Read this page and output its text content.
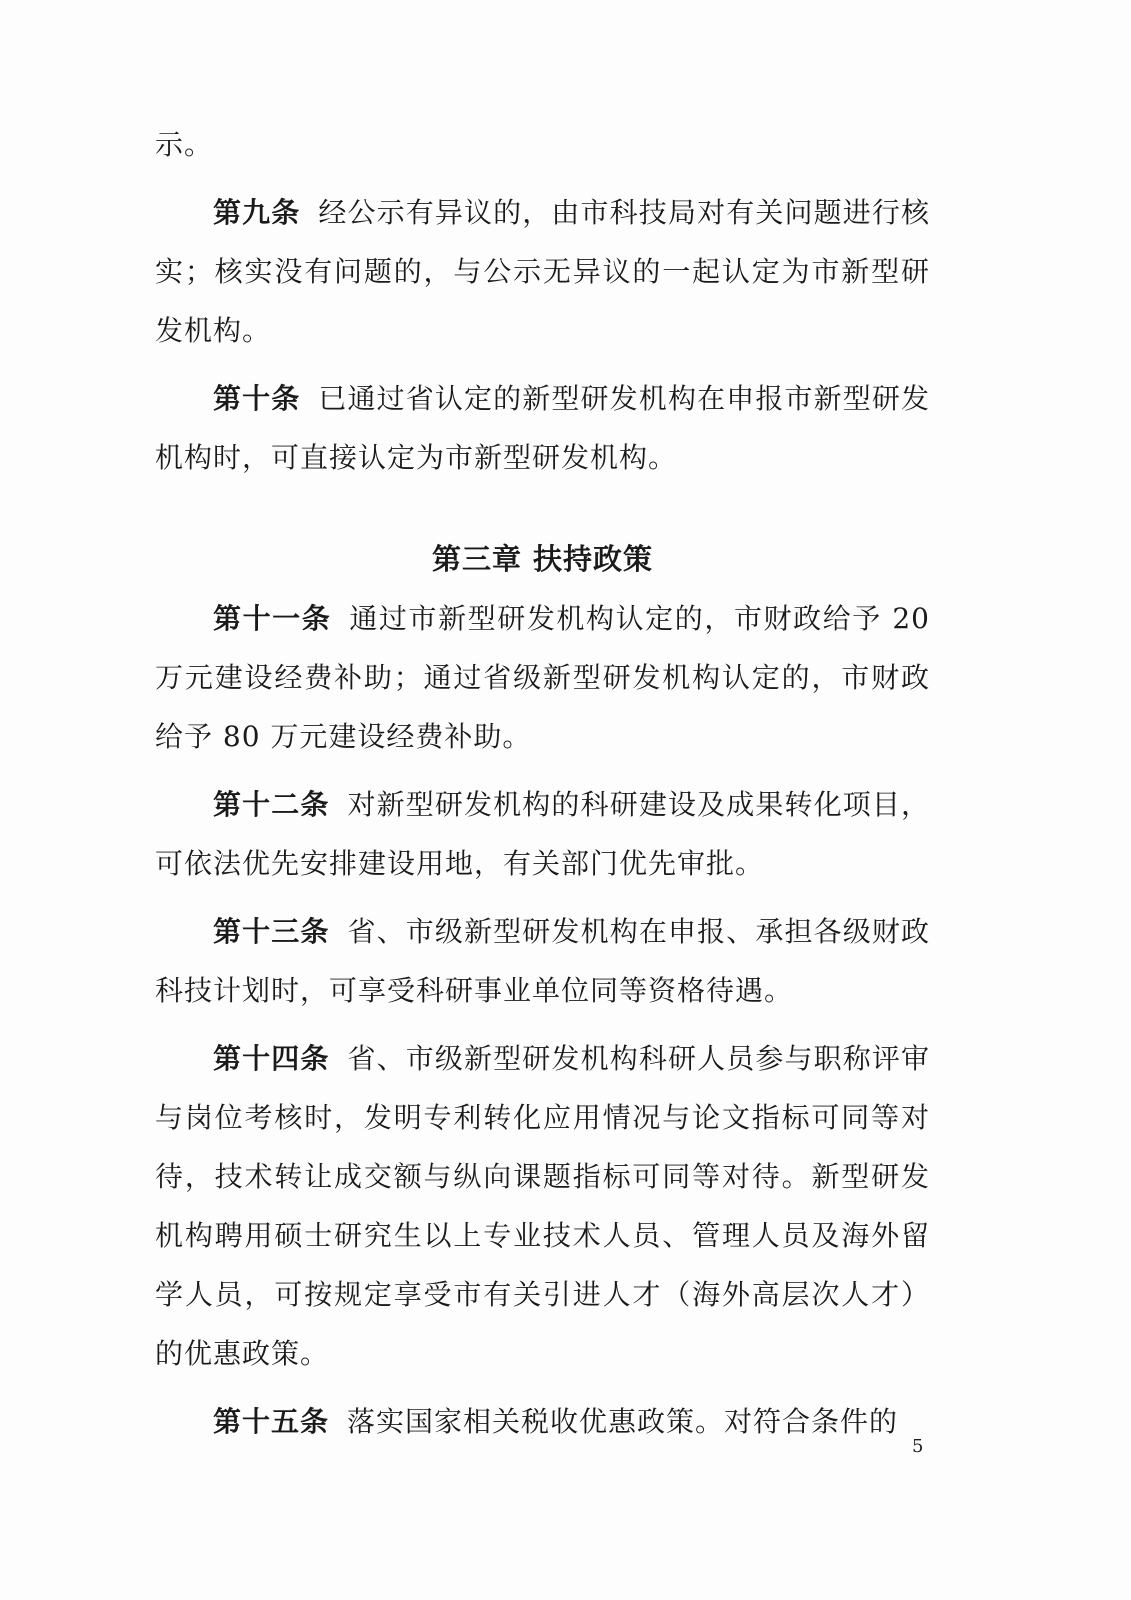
示。
第九条 经公示有异议的，由市科技局对有关问题进行核实；核实没有问题的，与公示无异议的一起认定为市新型研发机构。
第十条 已通过省认定的新型研发机构在申报市新型研发机构时，可直接认定为市新型研发机构。
第三章 扶持政策
第十一条 通过市新型研发机构认定的，市财政给予 20 万元建设经费补助；通过省级新型研发机构认定的，市财政给予 80 万元建设经费补助。
第十二条 对新型研发机构的科研建设及成果转化项目，可依法优先安排建设用地，有关部门优先审批。
第十三条 省、市级新型研发机构在申报、承担各级财政科技计划时，可享受科研事业单位同等资格待遇。
第十四条 省、市级新型研发机构科研人员参与职称评审与岗位考核时，发明专利转化应用情况与论文指标可同等对待，技术转让成交额与纵向课题指标可同等对待。新型研发机构聘用硕士研究生以上专业技术人员、管理人员及海外留学人员，可按规定享受市有关引进人才（海外高层次人才）的优惠政策。
第十五条 落实国家相关税收优惠政策。对符合条件的
5
